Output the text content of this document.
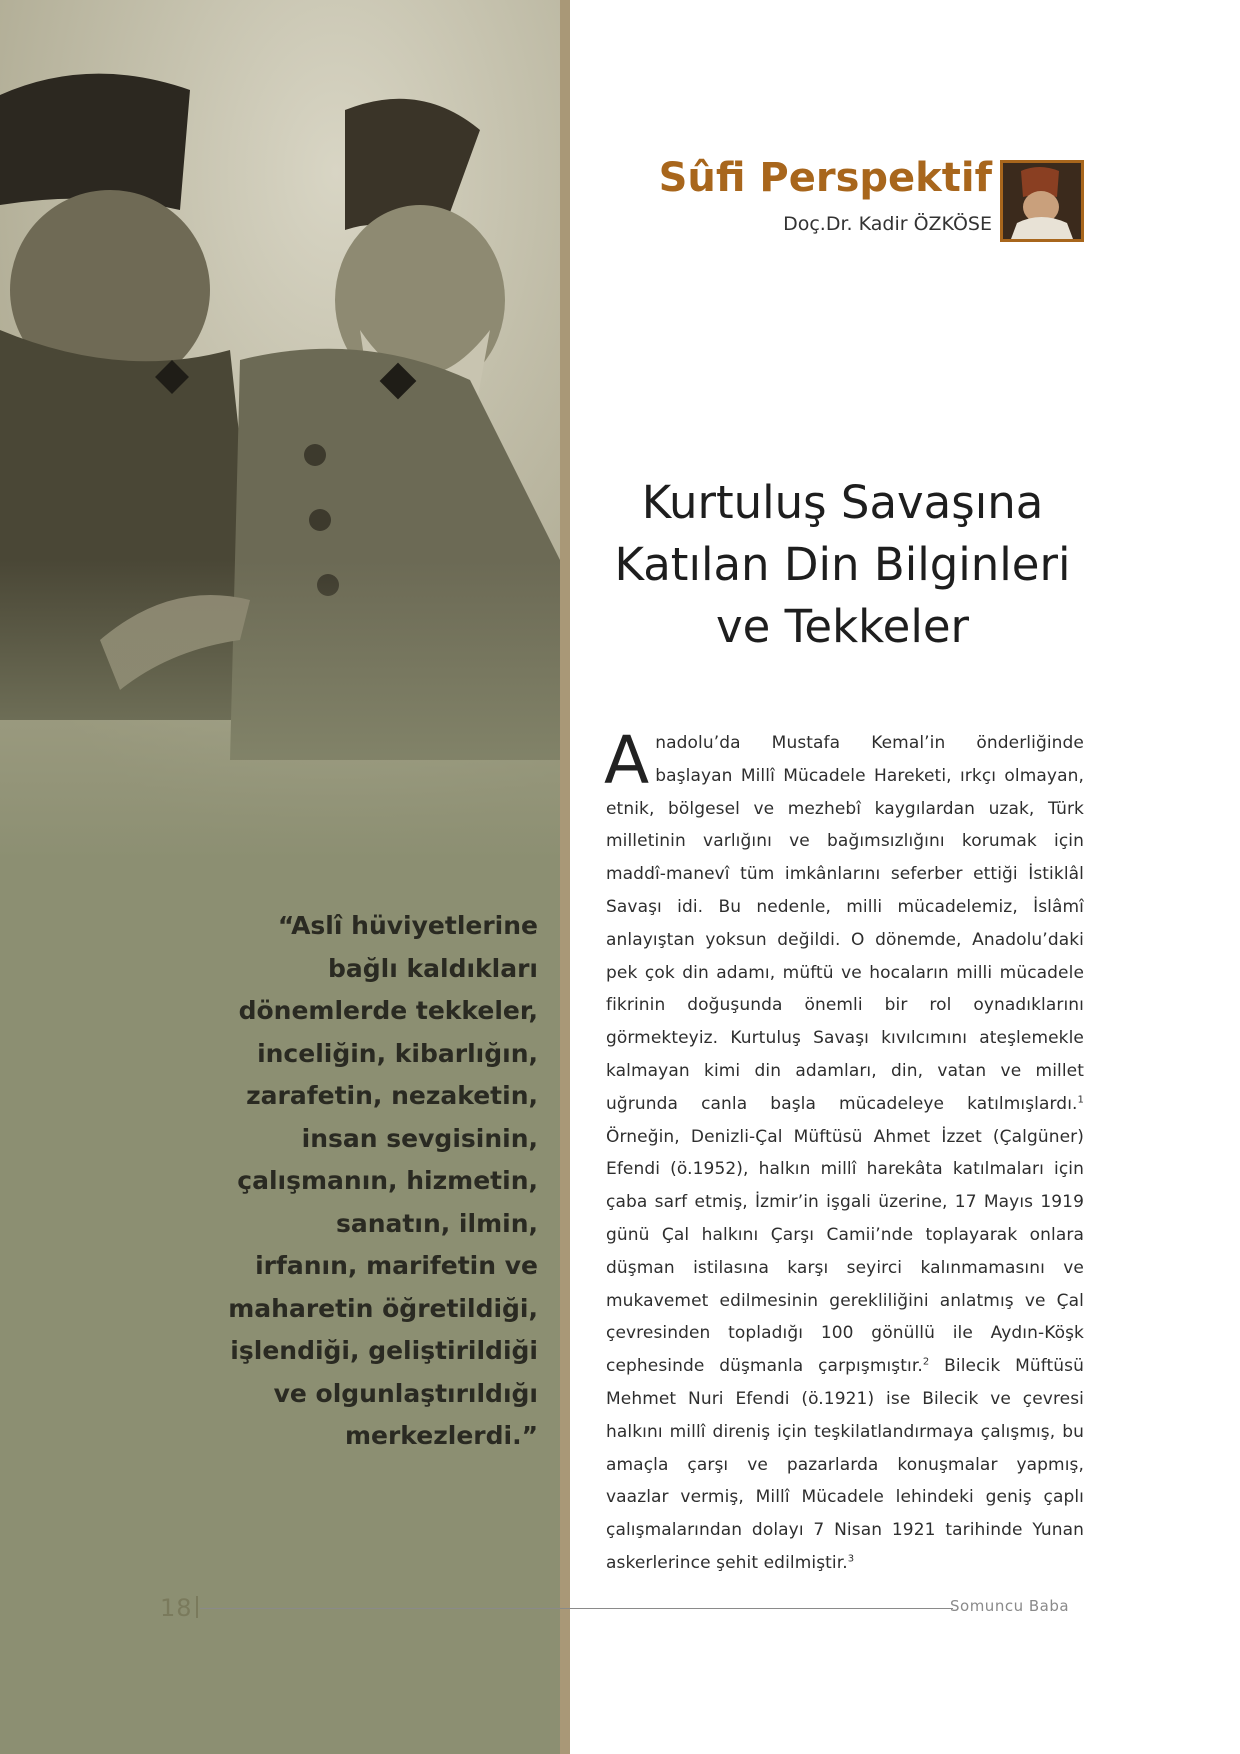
“Aslî hüviyetlerine
bağlı kaldıkları
dönemlerde tekkeler,
inceliğin, kibarlığın,
zarafetin, nezaketin,
insan sevgisinin,
çalışmanın, hizmetin,
sanatın, ilmin,
irfanın, marifetin ve
maharetin öğretildiği,
işlendiği, geliştirildiği
ve olgunlaştırıldığı
merkezlerdi.”

Sûfi Perspektif

Doç.Dr. Kadir ÖZKÖSE

Kurtuluş Savaşına
Katılan Din Bilginleri
ve Tekkeler

Anadolu’da Mustafa Kemal’in önderliğinde başlayan Millî Mücadele Hareketi, ırkçı olmayan, etnik, bölgesel ve mezhebî kaygılardan uzak, Türk milletinin varlığını ve bağımsızlığını korumak için maddî-manevî tüm imkânlarını seferber ettiği İstiklâl Savaşı idi. Bu nedenle, milli mücadelemiz, İslâmî anlayıştan yoksun değildi. O dönemde, Anadolu’daki pek çok din adamı, müftü ve hocaların milli mücadele fikrinin doğuşunda önemli bir rol oynadıklarını görmekteyiz. Kurtuluş Savaşı kıvılcımını ateşlemekle kalmayan kimi din adamları, din, vatan ve millet uğrunda canla başla mücadeleye katılmışlardı.$^1$ Örneğin, Denizli-Çal Müftüsü Ahmet İzzet (Çalgüner) Efendi (ö.1952), halkın millî harekâta katılmaları için çaba sarf etmiş, İzmir’in işgali üzerine, 17 Mayıs 1919 günü Çal halkını Çarşı Camii’nde toplayarak onlara düşman istilasına karşı seyirci kalınmamasını ve mukavemet edilmesinin gerekliliğini anlatmış ve Çal çevresinden topladığı 100 gönüllü ile Aydın-Köşk cephesinde düşmanla çarpışmıştır.$^2$ Bilecik Müftüsü Mehmet Nuri Efendi (ö.1921) ise Bilecik ve çevresi halkını millî direniş için teşkilatlandırmaya çalışmış, bu amaçla çarşı ve pazarlarda konuşmalar yapmış, vaazlar vermiş, Millî Mücadele lehindeki geniş çaplı çalışmalarından dolayı 7 Nisan 1921 tarihinde Yunan askerlerince şehit edilmiştir.$^3$

18	Somuncu Baba
